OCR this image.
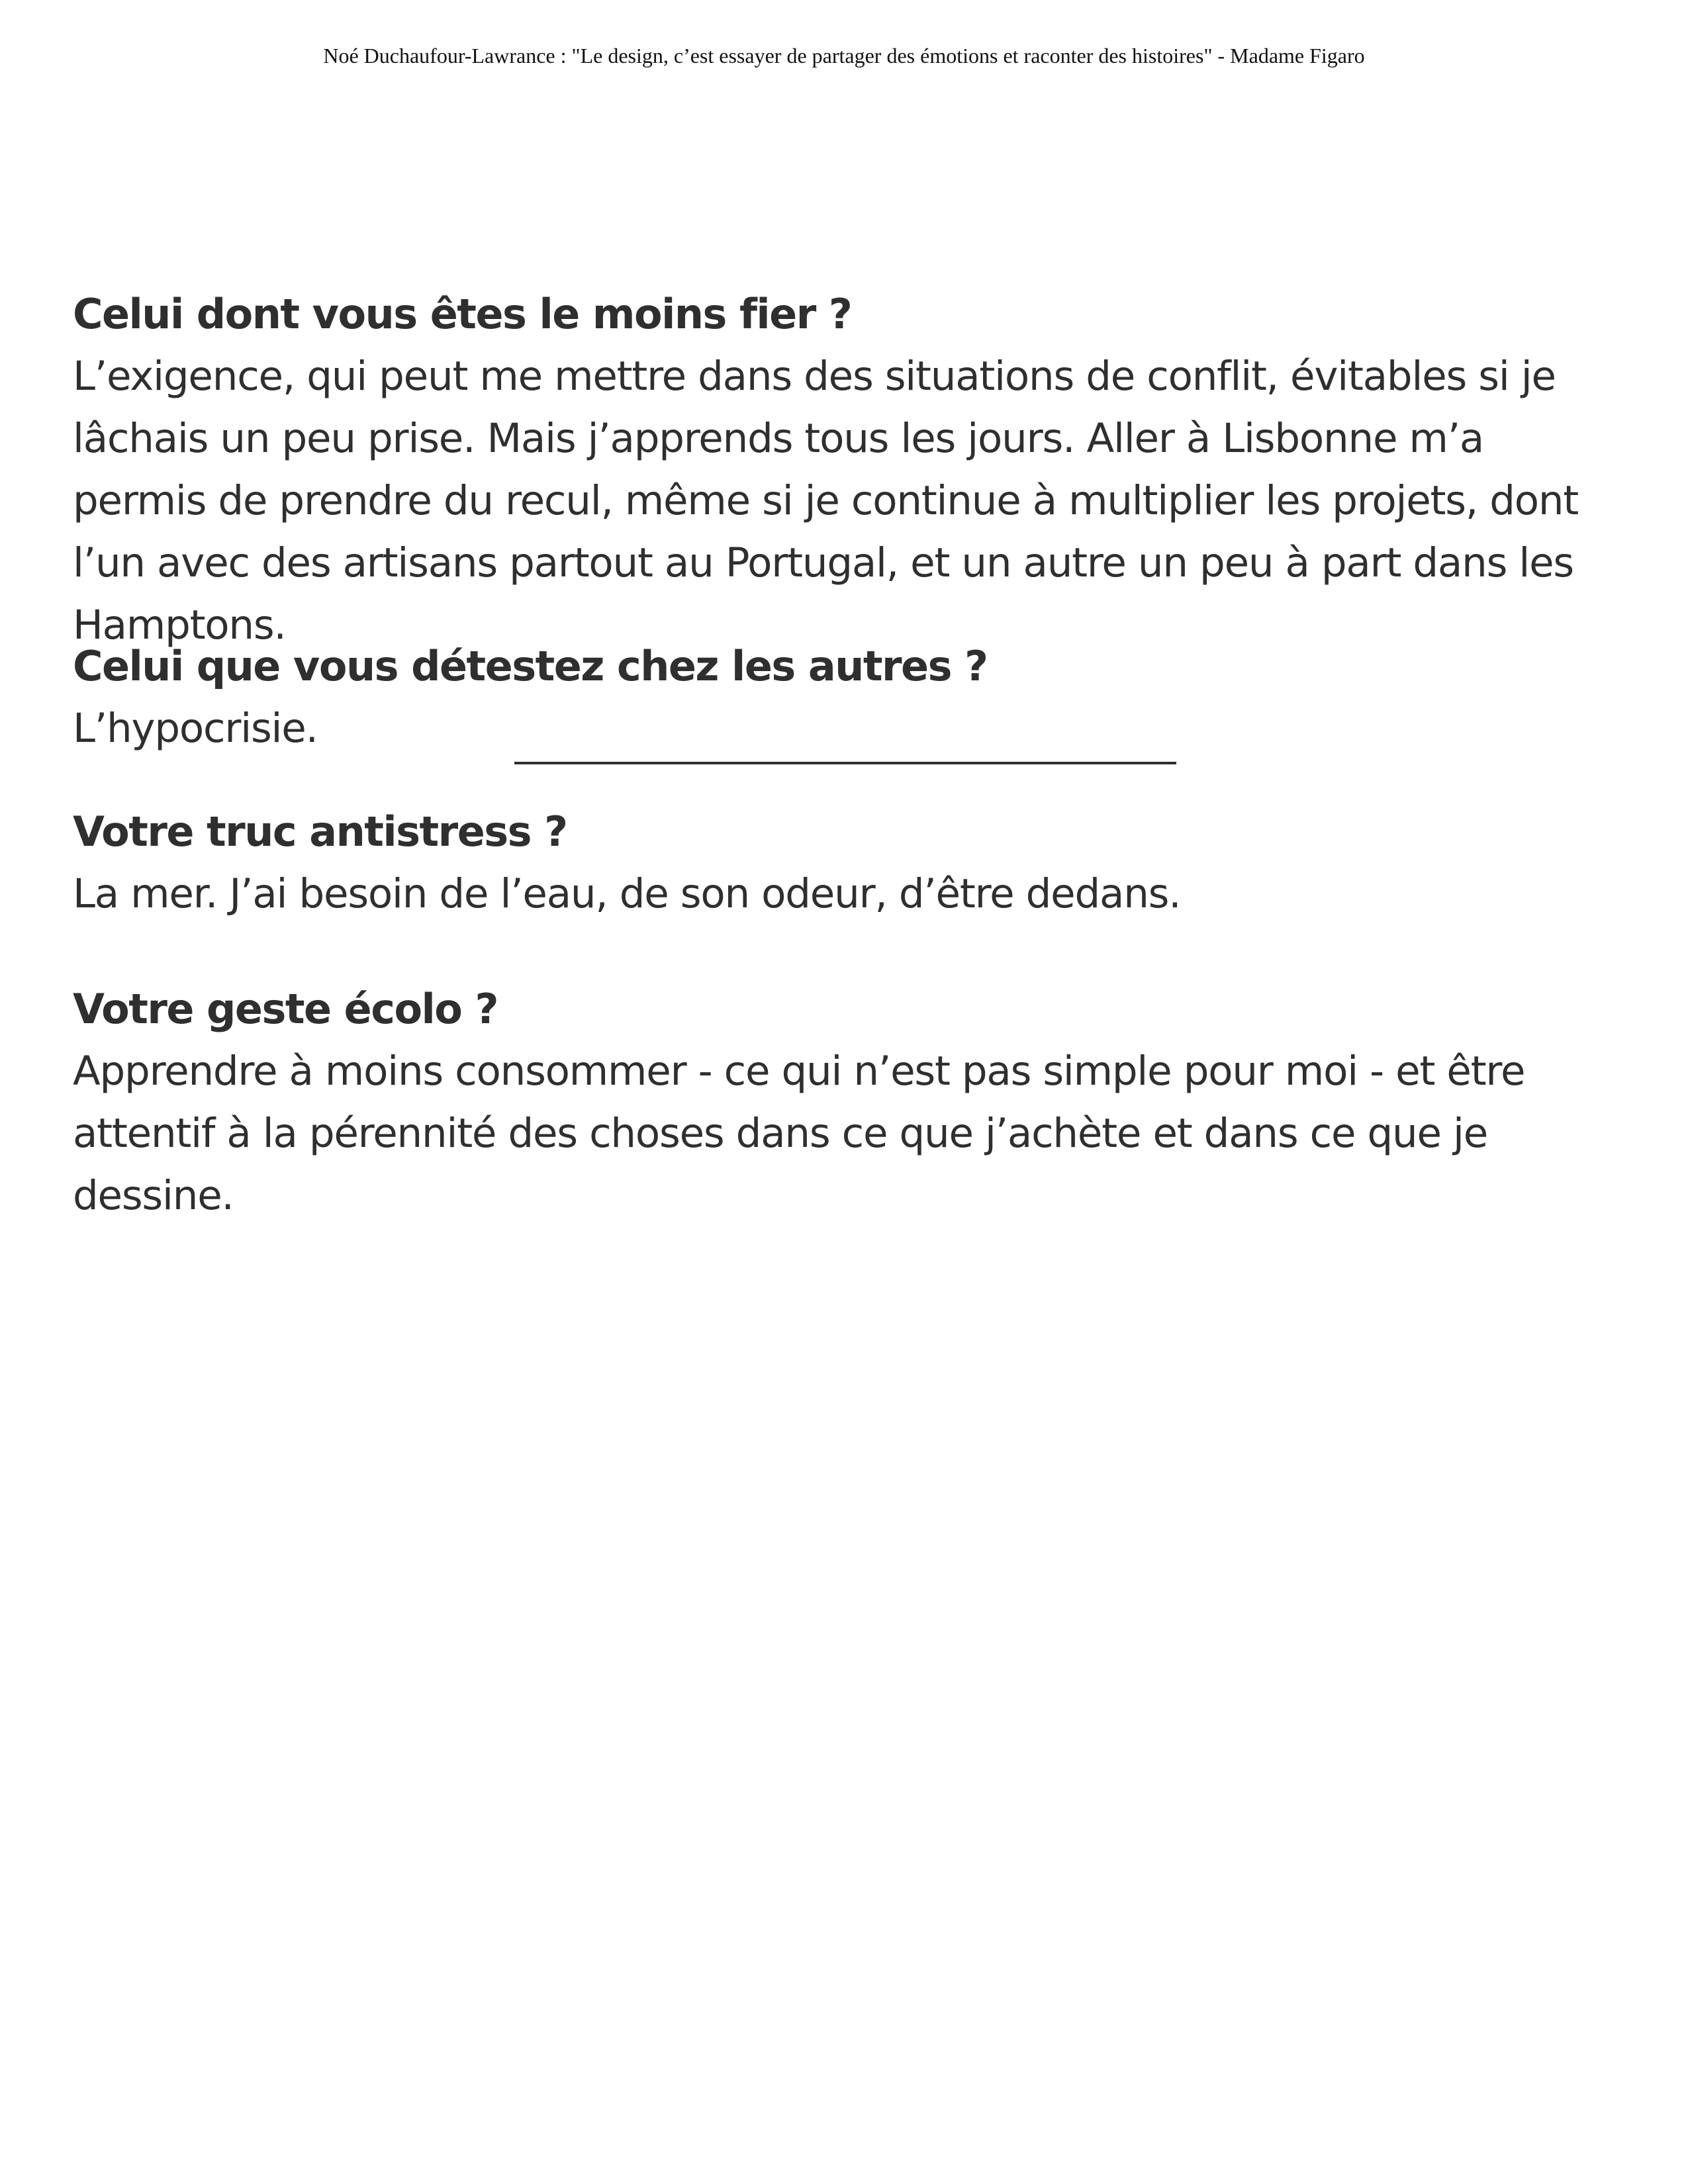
Noé Duchaufour-Lawrance : "Le design, c’est essayer de partager des émotions et raconter des histoires" - Madame Figaro
Celui dont vous êtes le moins fier ?

L’exigence, qui peut me mettre dans des situations de conflit, évitables si je lâchais un peu prise. Mais j’apprends tous les jours. Aller à Lisbonne m’a permis de prendre du recul, même si je continue à multiplier les projets, dont l’un avec des artisans partout au Portugal, et un autre un peu à part dans les Hamptons.

Celui que vous détestez chez les autres ?

L’hypocrisie.

Votre truc antistress ?

La mer. J’ai besoin de l’eau, de son odeur, d’être dedans.

Votre geste écolo ?

Apprendre à moins consommer - ce qui n’est pas simple pour moi - et être attentif à la pérennité des choses dans ce que j’achète et dans ce que je dessine.
